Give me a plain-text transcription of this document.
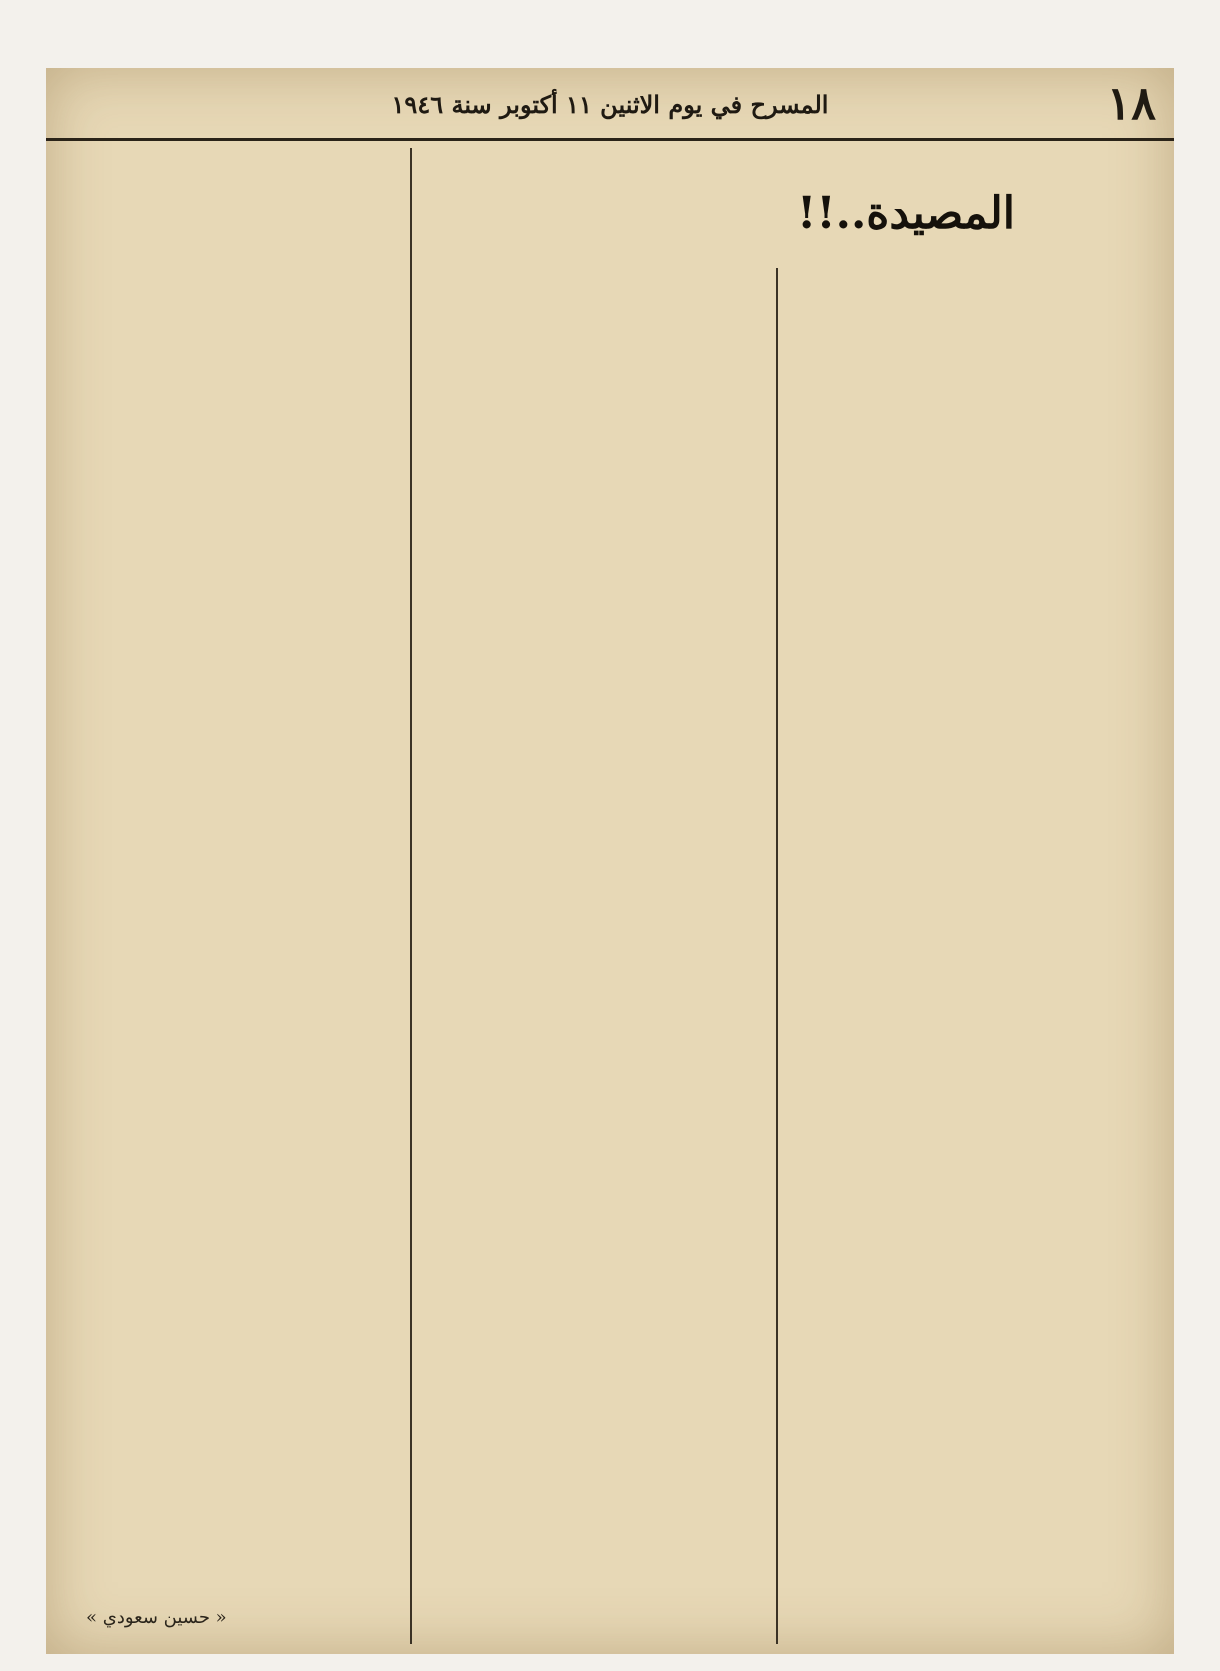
١٨
المسرح في يوم الاثنين ١١ أكتوبر سنة ١٩٤٦
المصيدة..!!
« حسين سعودي »
